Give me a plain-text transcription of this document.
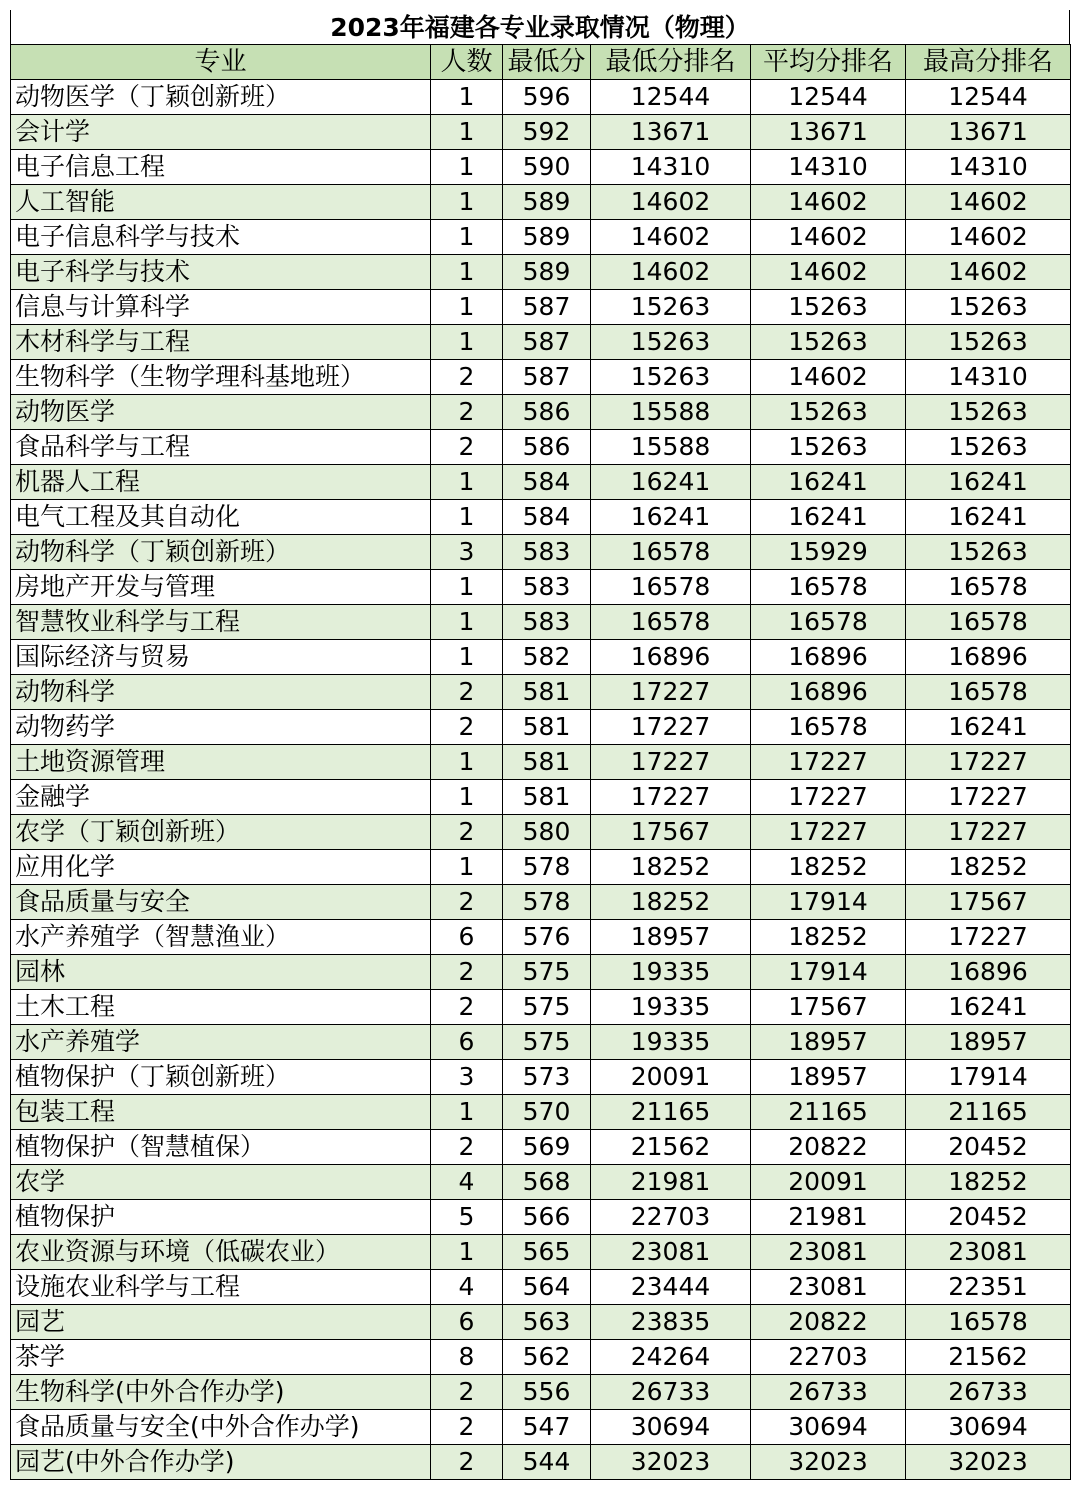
2023年福建各专业录取情况（物理）
专业	人数	最低分	最低分排名	平均分排名	最高分排名
动物医学（丁颖创新班）	1	596	12544	12544	12544
会计学	1	592	13671	13671	13671
电子信息工程	1	590	14310	14310	14310
人工智能	1	589	14602	14602	14602
电子信息科学与技术	1	589	14602	14602	14602
电子科学与技术	1	589	14602	14602	14602
信息与计算科学	1	587	15263	15263	15263
木材科学与工程	1	587	15263	15263	15263
生物科学（生物学理科基地班）	2	587	15263	14602	14310
动物医学	2	586	15588	15263	15263
食品科学与工程	2	586	15588	15263	15263
机器人工程	1	584	16241	16241	16241
电气工程及其自动化	1	584	16241	16241	16241
动物科学（丁颖创新班）	3	583	16578	15929	15263
房地产开发与管理	1	583	16578	16578	16578
智慧牧业科学与工程	1	583	16578	16578	16578
国际经济与贸易	1	582	16896	16896	16896
动物科学	2	581	17227	16896	16578
动物药学	2	581	17227	16578	16241
土地资源管理	1	581	17227	17227	17227
金融学	1	581	17227	17227	17227
农学（丁颖创新班）	2	580	17567	17227	17227
应用化学	1	578	18252	18252	18252
食品质量与安全	2	578	18252	17914	17567
水产养殖学（智慧渔业）	6	576	18957	18252	17227
园林	2	575	19335	17914	16896
土木工程	2	575	19335	17567	16241
水产养殖学	6	575	19335	18957	18957
植物保护（丁颖创新班）	3	573	20091	18957	17914
包装工程	1	570	21165	21165	21165
植物保护（智慧植保）	2	569	21562	20822	20452
农学	4	568	21981	20091	18252
植物保护	5	566	22703	21981	20452
农业资源与环境（低碳农业）	1	565	23081	23081	23081
设施农业科学与工程	4	564	23444	23081	22351
园艺	6	563	23835	20822	16578
茶学	8	562	24264	22703	21562
生物科学(中外合作办学)	2	556	26733	26733	26733
食品质量与安全(中外合作办学)	2	547	30694	30694	30694
园艺(中外合作办学)	2	544	32023	32023	32023
